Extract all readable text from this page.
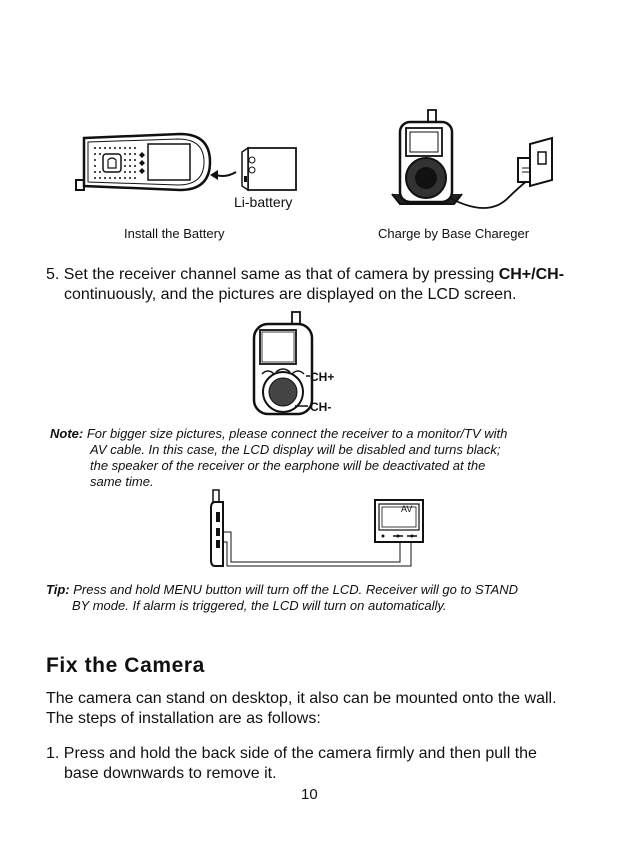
Li-battery
Install the Battery	Charge by Base Chareger
5. Set the receiver channel same as that of camera by pressing CH+/CH-
continuously, and the pictures are displayed on the LCD screen.
CH+
CH-
Note: For bigger size pictures, please connect the receiver to a monitor/TV with
AV cable. In this case, the LCD display will be disabled and turns black;
the speaker of the receiver or the earphone will be deactivated at the
same time.
AV
Tip: Press and hold MENU button will turn off the LCD. Receiver will go to STAND
BY mode. If alarm is triggered, the LCD will turn on automatically.
Fix the Camera
The camera can stand on desktop, it also can be mounted onto the wall.
The steps of installation are as follows:
1. Press and hold the back side of the camera firmly and then pull the
base downwards to remove it.
10
